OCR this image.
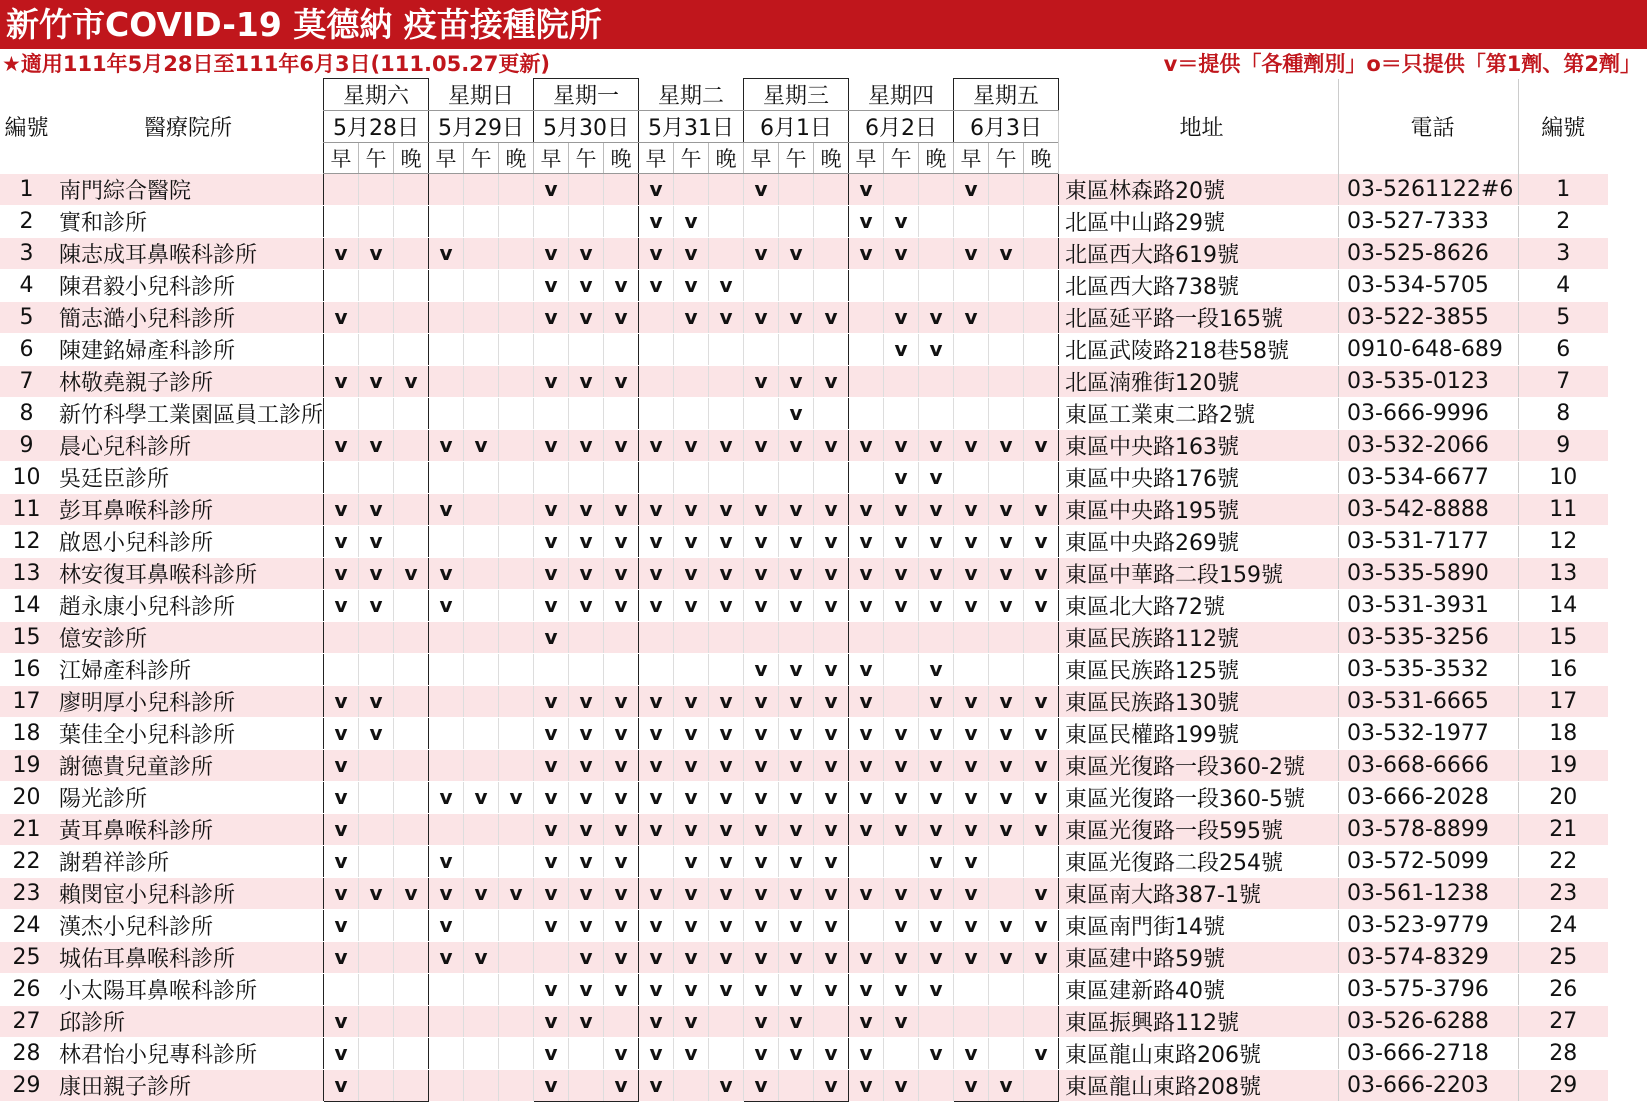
新竹市COVID-19 莫德納 疫苗接種院所
★適用111年5月28日至111年6月3日(111.05.27更新)	v＝提供「各種劑別」o＝只提供「第1劑、第2劑」
編號	醫療院所	星期六			星期日			星期一			星期二			星期三			星期四			星期五			地址	電話	編號
		5月28日			5月29日			5月30日			5月31日			6月1日			6月2日			6月3日					
		早	午	晚	早	午	晚	早	午	晚	早	午	晚	早	午	晚	早	午	晚	早	午	晚			
1	南門綜合醫院							v			v			v			v			v			東區林森路20號	03-5261122#6	1
2	實和診所										v	v					v	v					北區中山路29號	03-527-7333	2
3	陳志成耳鼻喉科診所	v	v		v			v	v		v	v		v	v		v	v		v	v		北區西大路619號	03-525-8626	3
4	陳君毅小兒科診所							v	v	v	v	v	v										北區西大路738號	03-534-5705	4
5	簡志澔小兒科診所	v						v	v	v		v	v	v	v	v		v	v	v			北區延平路一段165號	03-522-3855	5
6	陳建銘婦產科診所																	v	v				北區武陵路218巷58號	0910-648-689	6
7	林敬堯親子診所	v	v	v				v	v	v				v	v	v							北區湳雅街120號	03-535-0123	7
8	新竹科學工業園區員工診所														v								東區工業東二路2號	03-666-9996	8
9	晨心兒科診所	v	v		v	v		v	v	v	v	v	v	v	v	v	v	v	v	v	v	v	東區中央路163號	03-532-2066	9
10	吳廷臣診所																	v	v				東區中央路176號	03-534-6677	10
11	彭耳鼻喉科診所	v	v		v			v	v	v	v	v	v	v	v	v	v	v	v	v	v	v	東區中央路195號	03-542-8888	11
12	啟恩小兒科診所	v	v					v	v	v	v	v	v	v	v	v	v	v	v	v	v	v	東區中央路269號	03-531-7177	12
13	林安復耳鼻喉科診所	v	v	v	v			v	v	v	v	v	v	v	v	v	v	v	v	v	v	v	東區中華路二段159號	03-535-5890	13
14	趙永康小兒科診所	v	v		v			v	v	v	v	v	v	v	v	v	v	v	v	v	v	v	東區北大路72號	03-531-3931	14
15	億安診所							v															東區民族路112號	03-535-3256	15
16	江婦產科診所													v	v	v	v		v				東區民族路125號	03-535-3532	16
17	廖明厚小兒科診所	v	v					v	v	v	v	v	v	v	v	v	v		v	v	v	v	東區民族路130號	03-531-6665	17
18	葉佳全小兒科診所	v	v					v	v	v	v	v	v	v	v	v	v	v	v	v	v	v	東區民權路199號	03-532-1977	18
19	謝德貴兒童診所	v						v	v	v	v	v	v	v	v	v	v	v	v	v	v	v	東區光復路一段360-2號	03-668-6666	19
20	陽光診所	v			v	v	v	v	v	v	v	v	v	v	v	v	v	v	v	v	v	v	東區光復路一段360-5號	03-666-2028	20
21	黃耳鼻喉科診所	v						v	v	v	v	v	v	v	v	v	v	v	v	v	v	v	東區光復路一段595號	03-578-8899	21
22	謝碧祥診所	v			v			v	v	v		v	v	v	v	v			v	v			東區光復路二段254號	03-572-5099	22
23	賴閔宦小兒科診所	v	v	v	v	v	v	v	v	v	v	v	v	v	v	v	v	v	v	v		v	東區南大路387-1號	03-561-1238	23
24	漢杰小兒科診所	v			v			v	v	v	v	v	v	v	v	v		v	v	v	v	v	東區南門街14號	03-523-9779	24
25	城佑耳鼻喉科診所	v			v	v			v	v	v	v	v	v	v	v	v	v	v	v	v	v	東區建中路59號	03-574-8329	25
26	小太陽耳鼻喉科診所							v	v	v	v	v	v	v	v	v	v	v	v				東區建新路40號	03-575-3796	26
27	邱診所	v						v	v		v	v		v	v		v	v					東區振興路112號	03-526-6288	27
28	林君怡小兒專科診所	v						v		v	v	v		v	v	v	v		v	v		v	東區龍山東路206號	03-666-2718	28
29	康田親子診所	v						v		v	v		v	v		v	v	v		v	v		東區龍山東路208號	03-666-2203	29
